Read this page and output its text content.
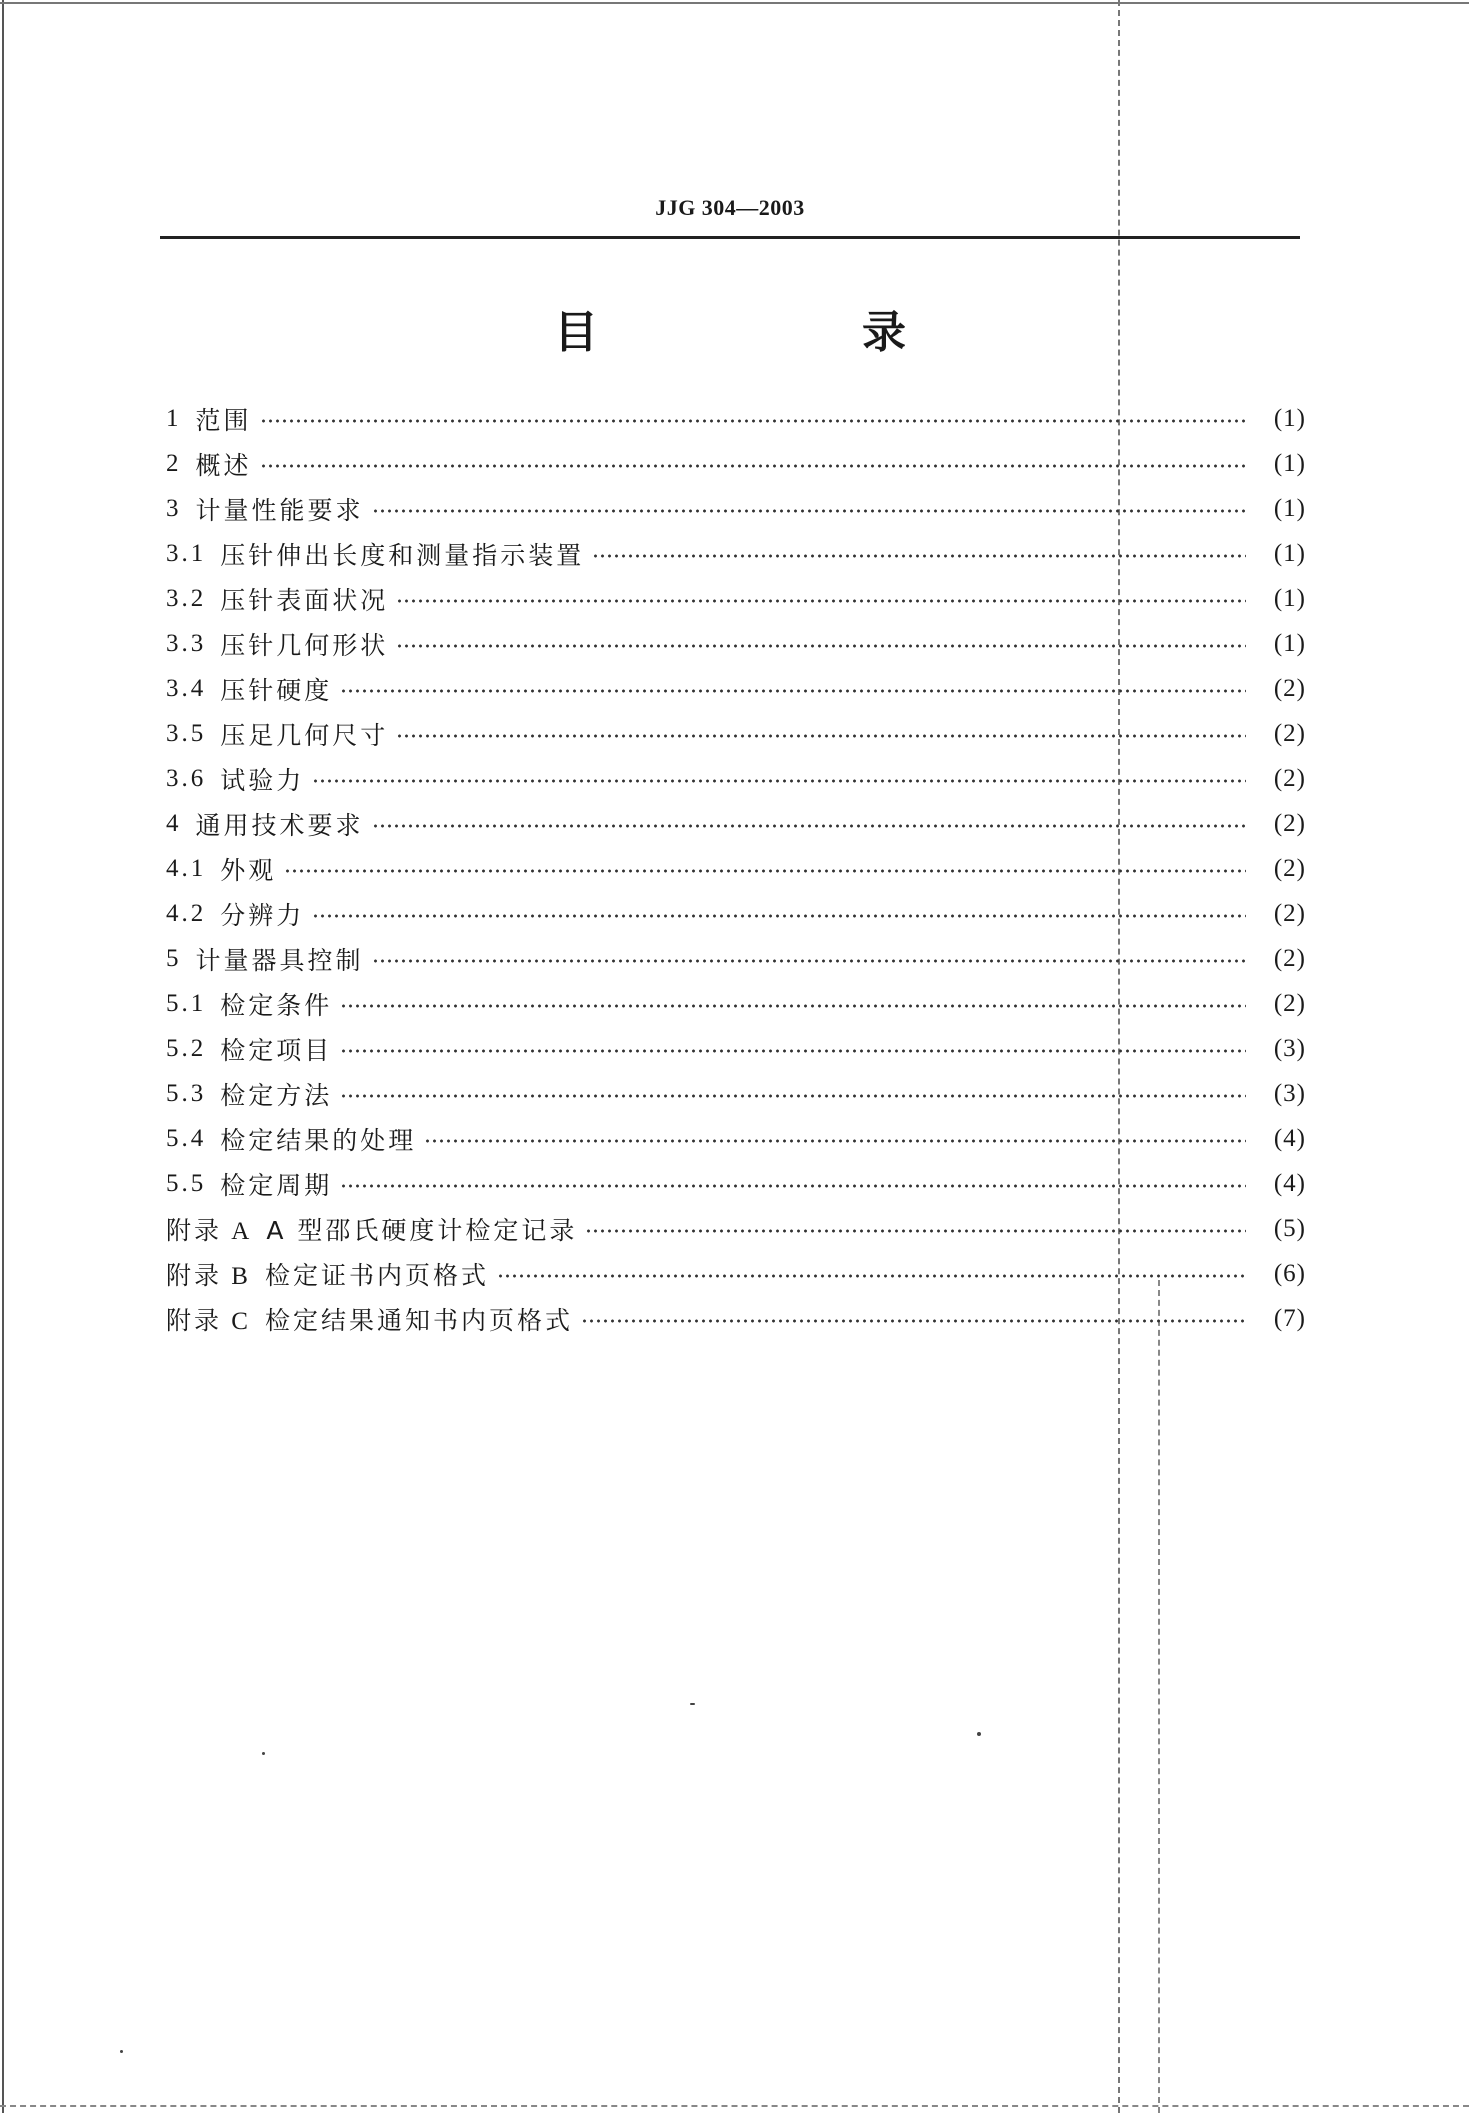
JJG 304—2003
目　录
1 范围	(1)
2 概述	(1)
3 计量性能要求	(1)
3.1 压针伸出长度和测量指示装置	(1)
3.2 压针表面状况	(1)
3.3 压针几何形状	(1)
3.4 压针硬度	(2)
3.5 压足几何尺寸	(2)
3.6 试验力	(2)
4 通用技术要求	(2)
4.1 外观	(2)
4.2 分辨力	(2)
5 计量器具控制	(2)
5.1 检定条件	(2)
5.2 检定项目	(3)
5.3 检定方法	(3)
5.4 检定结果的处理	(4)
5.5 检定周期	(4)
附录 A A 型邵氏硬度计检定记录	(5)
附录 B 检定证书内页格式	(6)
附录 C 检定结果通知书内页格式	(7)
